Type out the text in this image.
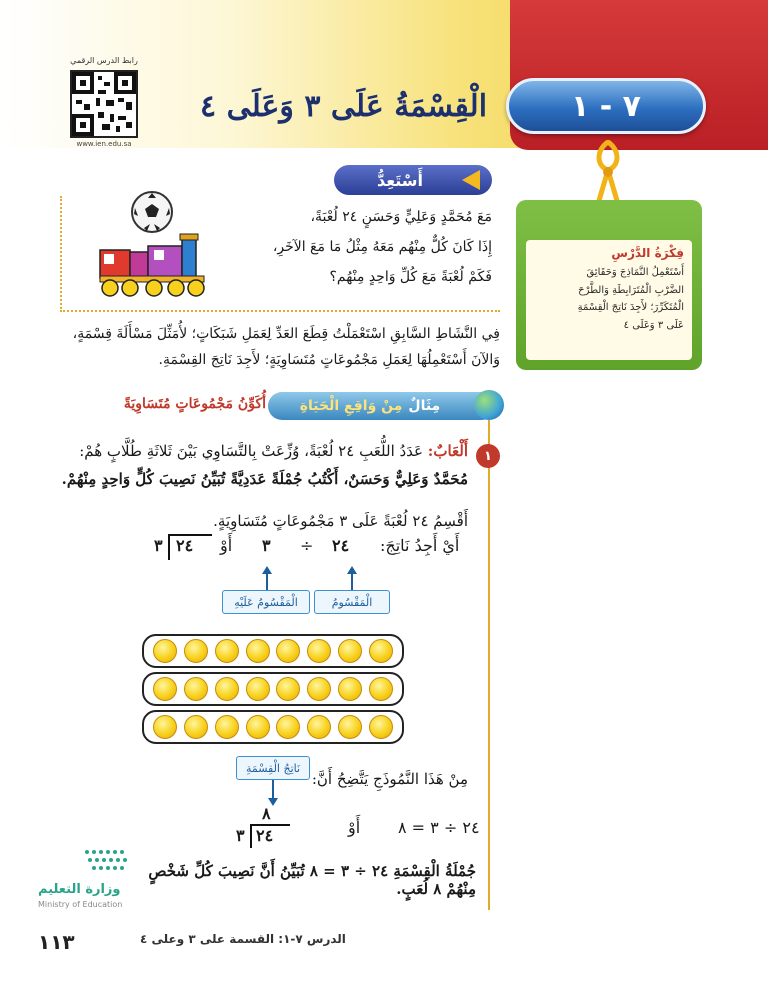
رابط الدرس الرقمي
www.ien.edu.sa
٧ - ١
الْقِسْمَةُ عَلَى ٣ وَعَلَى ٤
فِكْرَةُ الدَّرْسِ
أَسْتَعْمِلُ النَّمَاذِجَ وَحَقَائِقَ
الضَّرْبِ الْمُتَرَابِطَةِ وَالطَّرْحَ
الْمُتَكَرِّرَ؛ لأَجِدَ نَاتِجَ الْقِسْمَةِ
عَلَى ٣ وَعَلَى ٤
أَسْتَعِدُّ
مَعَ مُحَمَّدٍ وَعَلِيٍّ وَحَسَنٍ ٢٤ لُعْبَةً،
إِذَا كَانَ كُلٌّ مِنْهُم مَعَهُ مِثْلُ مَا مَعَ الآخَرِ،
فَكَمْ لُعْبَةً مَعَ كُلِّ وَاحِدٍ مِنْهُم؟
فِي النَّشَاطِ السَّابِقِ اسْتَعْمَلْتُ قِطَعَ العَدِّ لِعَمَلِ شَبَكَاتٍ؛ لأُمَثِّلَ مَسْأَلَةَ قِسْمَةٍ،
وَالآنَ أَسْتَعْمِلُهَا لِعَمَلِ مَجْمُوعَاتٍ مُتَسَاوِيَةٍ؛ لأَجِدَ نَاتِجَ القِسْمَةِ.
مِثَالٌ
مِنْ وَاقِعِ الْحَيَاةِ
أُكَوِّنُ مَجْمُوعَاتٍ مُتَسَاوِيَةً
١
أَلْعَابٌ: عَدَدُ اللُّعَبِ ٢٤ لُعْبَةً، وُزِّعَتْ بِالتَّسَاوِي بَيْنَ ثَلاثَةِ طُلَّابٍ هُمْ:
مُحَمَّدٌ وَعَلِيٌّ وَحَسَنٌ، أَكْتُبُ جُمْلَةً عَدَدِيَّةً تُبَيِّنُ نَصِيبَ كُلٍّ وَاحِدٍ مِنْهُمْ.
أَقْسِمُ ٢٤ لُعْبَةً عَلَى ٣ مَجْمُوعَاتٍ مُتَسَاوِيَةٍ.
أَيْ أَجِدُ نَاتِجَ:
٢٤
÷
٣
أَوْ
٣ ٢٤
الْمَقْسُومُ
الْمَقْسُومُ عَلَيْهِ
مِنْ هَذَا النَّمُوذَجِ يَتَّضِحُ أَنَّ:
نَاتِجُ الْقِسْمَةِ
٢٤ ÷ ٣ = ٨
أَوْ
٨
٣ ٢٤
جُمْلَةُ الْقِسْمَةِ ٢٤ ÷ ٣ = ٨ تُبَيِّنُ أَنَّ نَصِيبَ كُلِّ شَخْصٍ مِنْهُمْ ٨ لُعَبٍ.
وزارة التعليم
Ministry of Education
الدرس ٧-١: القسمة على ٣ وعلى ٤
١١٣
